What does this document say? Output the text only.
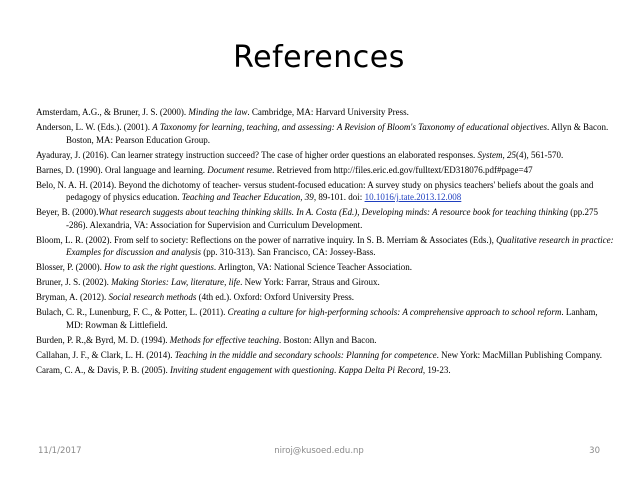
References
Amsterdam, A.G., & Bruner, J. S. (2000). Minding the law. Cambridge, MA: Harvard University Press.
Anderson, L. W. (Eds.). (2001). A Taxonomy for learning, teaching, and assessing: A Revision of Bloom's Taxonomy of educational objectives. Allyn & Bacon. Boston, MA: Pearson Education Group.
Ayaduray, J. (2016). Can learner strategy instruction succeed? The case of higher order questions an elaborated responses. System, 25(4), 561-570.
Barnes, D. (1990). Oral language and learning. Document resume. Retrieved from http://files.eric.ed.gov/fulltext/ED318076.pdf#page=47
Belo, N. A. H. (2014). Beyond the dichotomy of teacher- versus student-focused education: A survey study on physics teachers' beliefs about the goals and pedagogy of physics education. Teaching and Teacher Education, 39, 89-101. doi: 10.1016/j.tate.2013.12.008
Beyer, B. (2000).What research suggests about teaching thinking skills. In A. Costa (Ed.), Developing minds: A resource book for teaching thinking (pp.275 -286). Alexandria, VA: Association for Supervision and Curriculum Development.
Bloom, L. R. (2002). From self to society: Reflections on the power of narrative inquiry. In S. B. Merriam & Associates (Eds.), Qualitative research in practice: Examples for discussion and analysis (pp. 310-313). San Francisco, CA: Jossey-Bass.
Blosser, P. (2000). How to ask the right questions. Arlington, VA: National Science Teacher Association.
Bruner, J. S. (2002). Making Stories: Law, literature, life. New York: Farrar, Straus and Giroux.
Bryman, A. (2012). Social research methods (4th ed.). Oxford: Oxford University Press.
Bulach, C. R., Lunenburg, F. C., & Potter, L. (2011). Creating a culture for high-performing schools: A comprehensive approach to school reform. Lanham, MD: Rowman & Littlefield.
Burden, P. R.,& Byrd, M. D. (1994). Methods for effective teaching. Boston: Allyn and Bacon.
Callahan, J. F., & Clark, L. H. (2014). Teaching in the middle and secondary schools: Planning for competence. New York: MacMillan Publishing Company.
Caram, C. A., & Davis, P. B. (2005). Inviting student engagement with questioning. Kappa Delta Pi Record, 19-23.
11/1/2017	niroj@kusoed.edu.np	30
